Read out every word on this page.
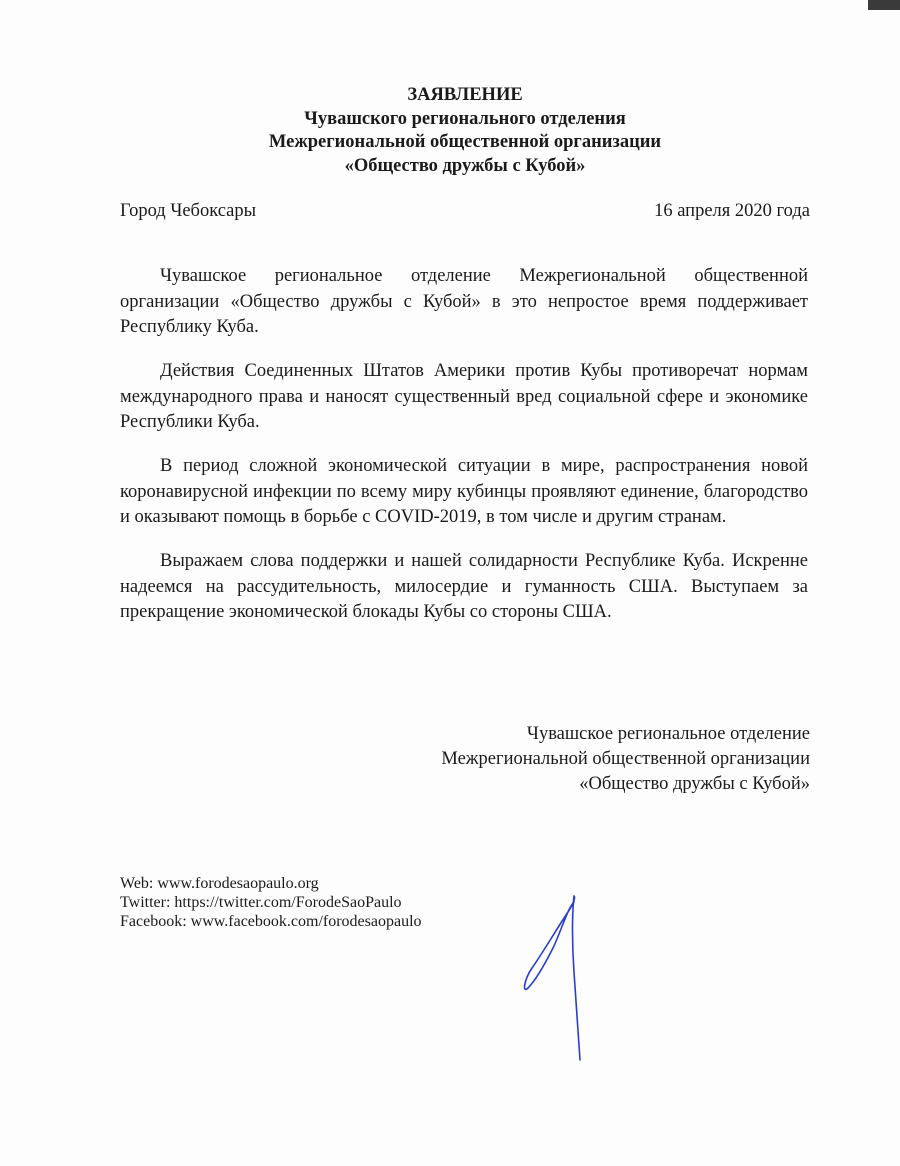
ЗАЯВЛЕНИЕ
Чувашского регионального отделения
Межрегиональной общественной организации
«Общество дружбы с Кубой»
Город Чебоксары	16 апреля 2020 года

Чувашское региональное отделение Межрегиональной общественной организации «Общество дружбы с Кубой» в это непростое время поддерживает Республику Куба.

Действия Соединенных Штатов Америки против Кубы противоречат нормам международного права и наносят существенный вред социальной сфере и экономике Республики Куба.

В период сложной экономической ситуации в мире, распространения новой коронавирусной инфекции по всему миру кубинцы проявляют единение, благородство и оказывают помощь в борьбе с COVID-2019, в том числе и другим странам.

Выражаем слова поддержки и нашей солидарности Республике Куба. Искренне надеемся на рассудительность, милосердие и гуманность США. Выступаем за прекращение экономической блокады Кубы со стороны США.

Чувашское региональное отделение
Межрегиональной общественной организации
«Общество дружбы с Кубой»
Web: www.forodesaopaulo.org
Twitter: https://twitter.com/ForodeSaoPaulo
Facebook: www.facebook.com/forodesaopaulo
